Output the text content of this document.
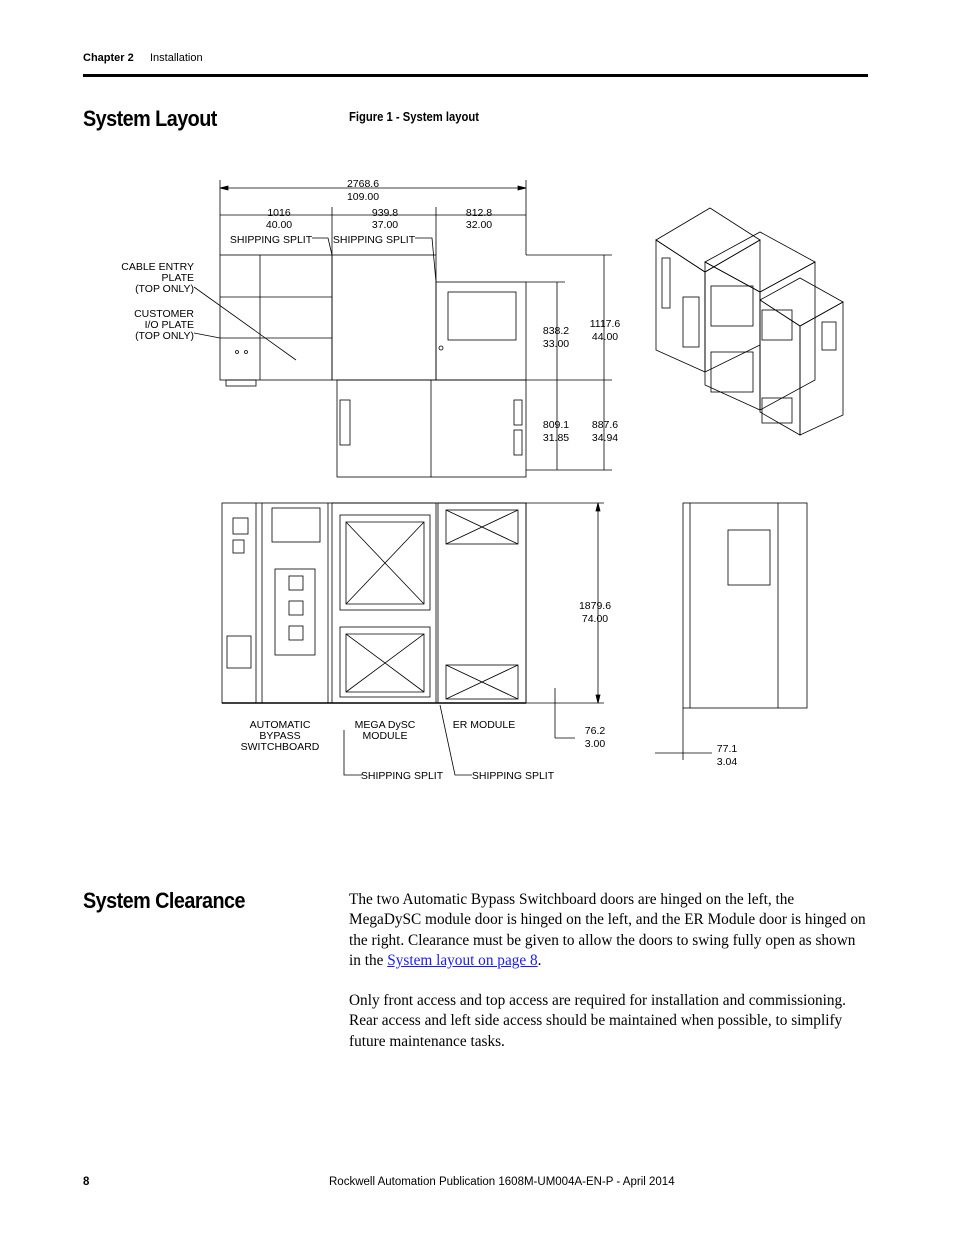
Chapter 2 Installation
System Layout	Figure 1 - System layout
2768.6
109.00
1016
40.00
939.8
37.00
812.8
32.00
SHIPPING SPLIT SHIPPING SPLIT
CABLE ENTRY
PLATE
(TOP ONLY)
CUSTOMER
I/O PLATE
(TOP ONLY)	838.2
33.00
1117.6
44.00
809.1
31.85
887.6
34.94
1879.6
74.00
76.2
3.00
AUTOMATIC
BYPASS
SWITCHBOARD
MEGA DySC
MODULE
ER MODULE
SHIPPING SPLIT	SHIPPING SPLIT
77.1
3.04
System Clearance	The two Automatic Bypass Switchboard doors are hinged on the left, the MegaDySC module door is hinged on the left, and the ER Module door is hinged on the right. Clearance must be given to allow the doors to swing fully open as shown in the System layout on page 8.

Only front access and top access are required for installation and commissioning. Rear access and left side access should be maintained when possible, to simplify future maintenance tasks.

8	Rockwell Automation Publication 1608M-UM004A-EN-P - April 2014
